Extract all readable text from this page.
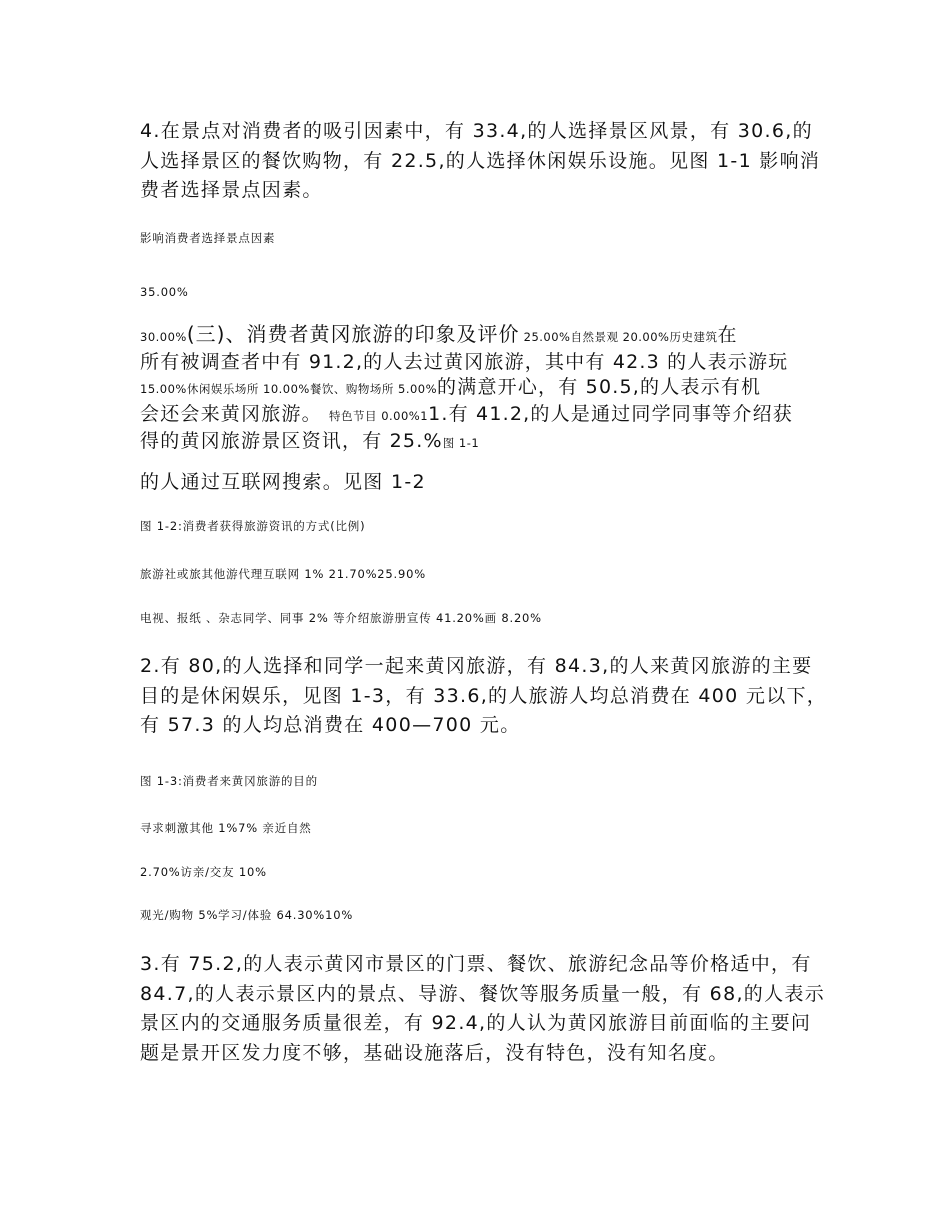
4.在景点对消费者的吸引因素中，有 33.4,的人选择景区风景，有 30.6,的人选择景区的餐饮购物，有 22.5,的人选择休闲娱乐设施。见图 1-1 影响消费者选择景点因素。

影响消费者选择景点因素
35.00%
30.00%(三)、消费者黄冈旅游的印象及评价 25.00%自然景观 20.00%历史建筑在
所有被调查者中有 91.2,的人去过黄冈旅游，其中有 42.3 的人表示游玩
15.00%休闲娱乐场所 10.00%餐饮、购物场所 5.00%的满意开心，有 50.5,的人表示有机
会还会来黄冈旅游。 特色节目 0.00%11.有 41.2,的人是通过同学同事等介绍获
得的黄冈旅游景区资讯，有 25.%图 1-1

的人通过互联网搜索。见图 1-2

图 1-2:消费者获得旅游资讯的方式(比例)
旅游社或旅其他游代理互联网 1% 21.70%25.90%
电视、报纸 、杂志同学、同事 2% 等介绍旅游册宣传 41.20%画 8.20%

2.有 80,的人选择和同学一起来黄冈旅游，有 84.3,的人来黄冈旅游的主要目的是休闲娱乐，见图 1-3，有 33.6,的人旅游人均总消费在 400 元以下，有 57.3 的人均总消费在 400—700 元。

图 1-3:消费者来黄冈旅游的目的
寻求刺激其他 1%7% 亲近自然
2.70%访亲/交友 10%
观光/购物 5%学习/体验 64.30%10%

3.有 75.2,的人表示黄冈市景区的门票、餐饮、旅游纪念品等价格适中，有 84.7,的人表示景区内的景点、导游、餐饮等服务质量一般，有 68,的人表示景区内的交通服务质量很差，有 92.4,的人认为黄冈旅游目前面临的主要问题是景开区发力度不够，基础设施落后，没有特色，没有知名度。
